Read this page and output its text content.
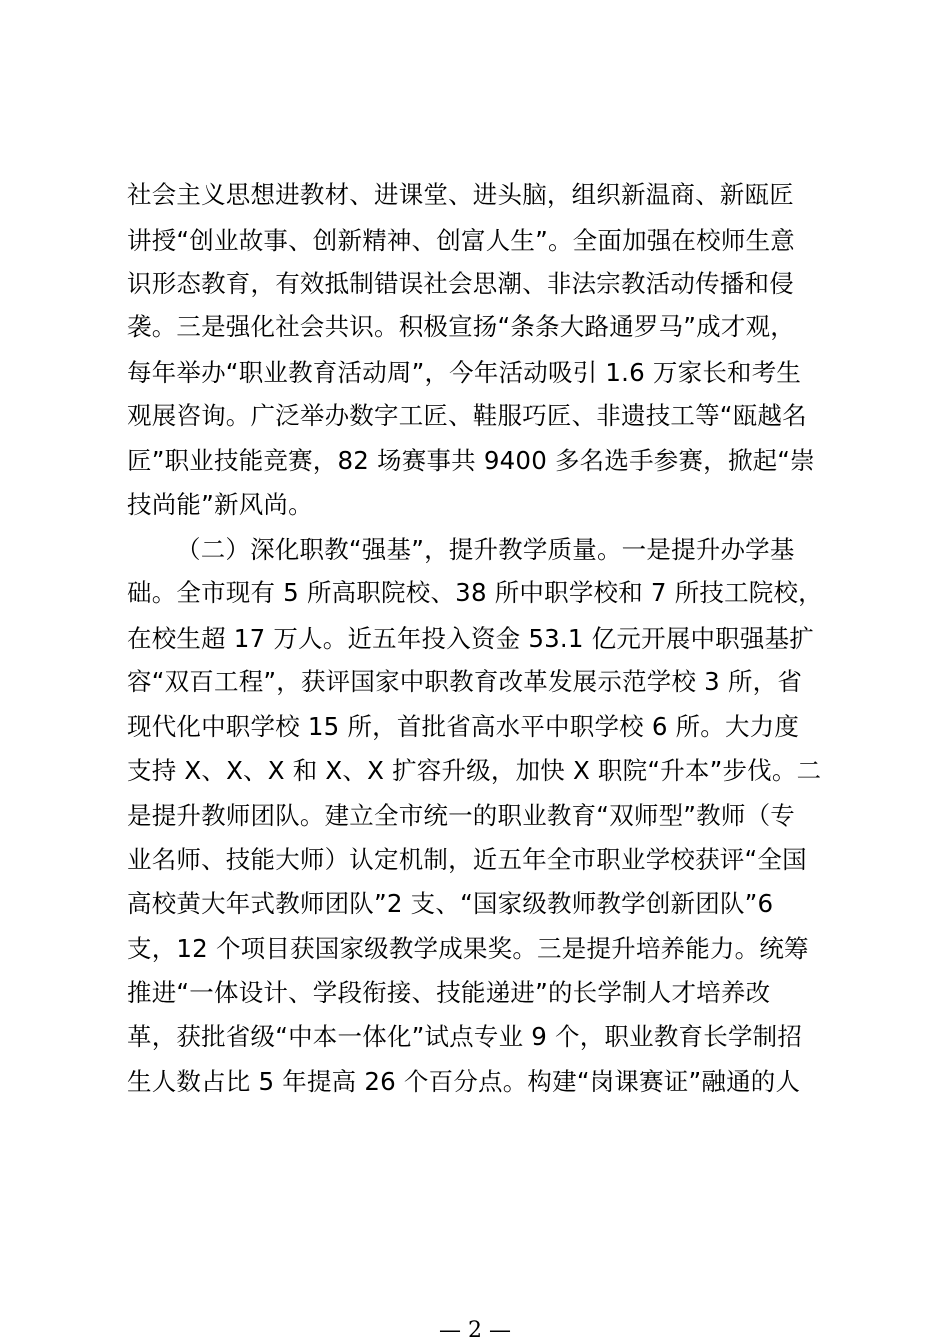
社会主义思想进教材、进课堂、进头脑，组织新温商、新瓯匠
讲授“创业故事、创新精神、创富人生”。全面加强在校师生意
识形态教育，有效抵制错误社会思潮、非法宗教活动传播和侵
袭。三是强化社会共识。积极宣扬“条条大路通罗马”成才观，
每年举办“职业教育活动周”，今年活动吸引 1.6 万家长和考生
观展咨询。广泛举办数字工匠、鞋服巧匠、非遗技工等“瓯越名
匠”职业技能竞赛，82 场赛事共 9400 多名选手参赛，掀起“崇
技尚能”新风尚。
（二）深化职教“强基”，提升教学质量。一是提升办学基
础。全市现有 5 所高职院校、38 所中职学校和 7 所技工院校，
在校生超 17 万人。近五年投入资金 53.1 亿元开展中职强基扩
容“双百工程”，获评国家中职教育改革发展示范学校 3 所，省
现代化中职学校 15 所，首批省高水平中职学校 6 所。大力度
支持 X、X、X 和 X、X 扩容升级，加快 X 职院“升本”步伐。二
是提升教师团队。建立全市统一的职业教育“双师型”教师（专
业名师、技能大师）认定机制，近五年全市职业学校获评“全国
高校黄大年式教师团队”2 支、“国家级教师教学创新团队”6
支，12 个项目获国家级教学成果奖。三是提升培养能力。统筹
推进“一体设计、学段衔接、技能递进”的长学制人才培养改
革，获批省级“中本一体化”试点专业 9 个，职业教育长学制招
生人数占比 5 年提高 26 个百分点。构建“岗课赛证”融通的人
— 2 —
